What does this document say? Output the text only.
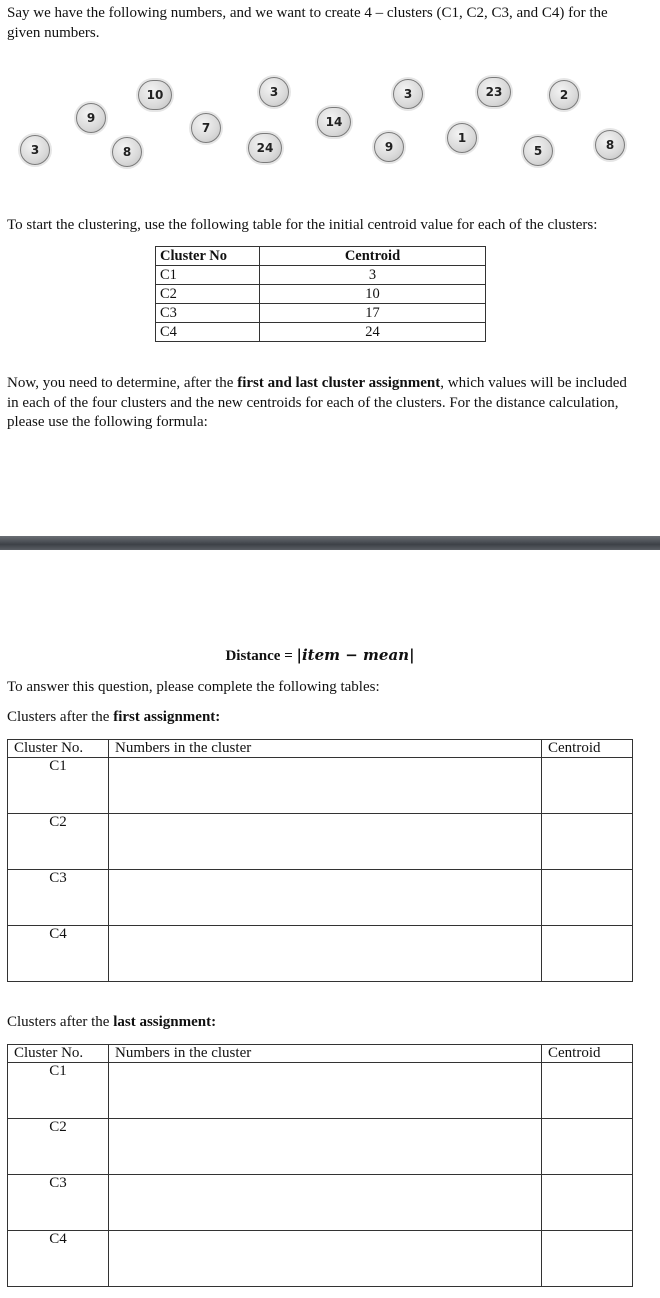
Say we have the following numbers, and we want to create 4 – clusters (C1, C2, C3, and C4) for the given numbers.
10	3	3	23	2
9
7	14
3	8	24	9
1
5	8
To start the clustering, use the following table for the initial centroid value for each of the clusters:
Cluster No	Centroid
C1	3
C2	10
C3	17
C4	24
Now, you need to determine, after the first and last cluster assignment, which values will be included in each of the four clusters and the new centroids for each of the clusters. For the distance calculation, please use the following formula:
Distance = |item − mean|
To answer this question, please complete the following tables:
Clusters after the first assignment:
Cluster No.	Numbers in the cluster	Centroid
C1		
C2		
C3		
C4		
Clusters after the last assignment:
Cluster No.	Numbers in the cluster	Centroid
C1		
C2		
C3		
C4		
